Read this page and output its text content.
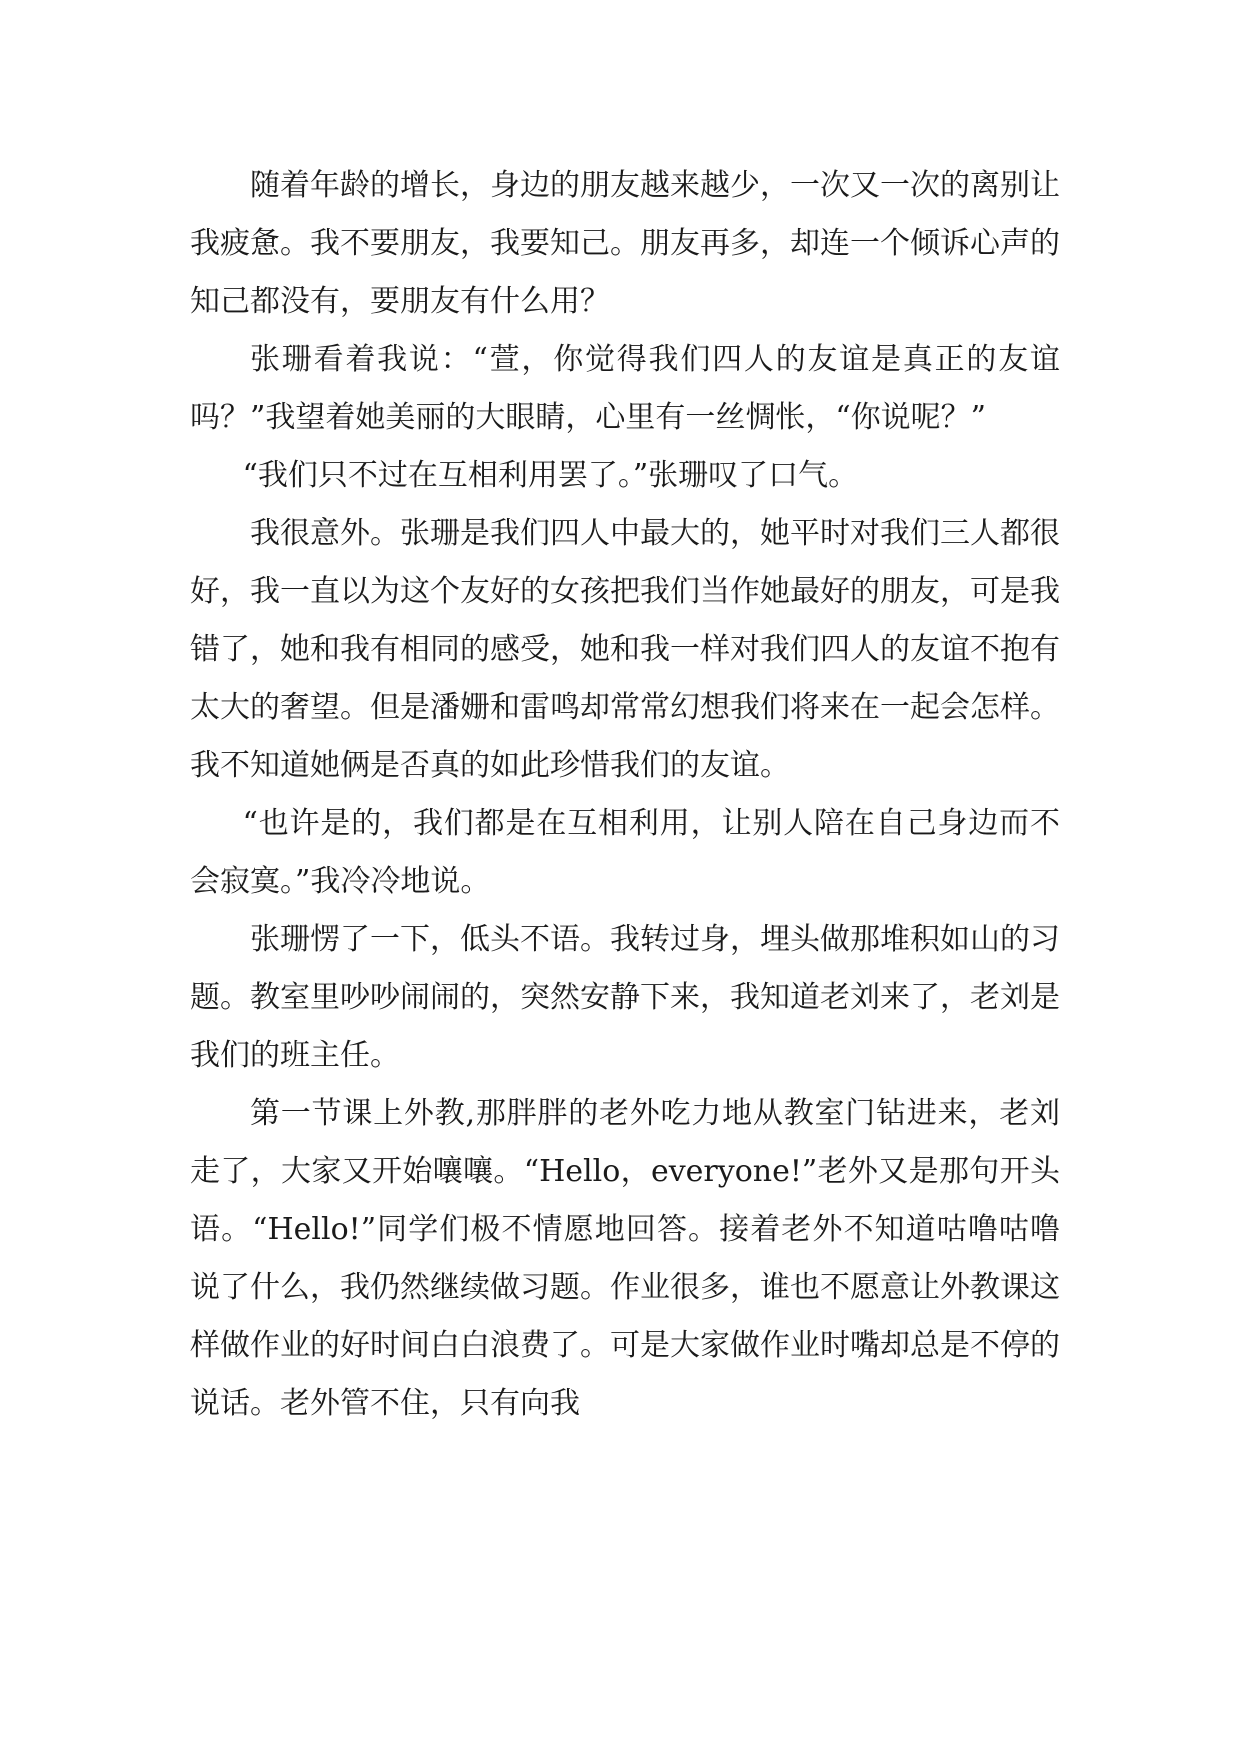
随着年龄的增长，身边的朋友越来越少，一次又一次的离别让我疲惫。我不要朋友，我要知己。朋友再多，却连一个倾诉心声的知己都没有，要朋友有什么用？

张珊看着我说：“萱，你觉得我们四人的友谊是真正的友谊吗？”我望着她美丽的大眼睛，心里有一丝惆怅，“你说呢？”

“我们只不过在互相利用罢了。”张珊叹了口气。

我很意外。张珊是我们四人中最大的，她平时对我们三人都很好，我一直以为这个友好的女孩把我们当作她最好的朋友，可是我错了，她和我有相同的感受，她和我一样对我们四人的友谊不抱有太大的奢望。但是潘姗和雷鸣却常常幻想我们将来在一起会怎样。我不知道她俩是否真的如此珍惜我们的友谊。

“也许是的，我们都是在互相利用，让别人陪在自己身边而不会寂寞。”我冷冷地说。

张珊愣了一下，低头不语。我转过身，埋头做那堆积如山的习题。教室里吵吵闹闹的，突然安静下来，我知道老刘来了，老刘是我们的班主任。

第一节课上外教,那胖胖的老外吃力地从教室门钻进来，老刘走了，大家又开始嚷嚷。“Hello，everyone!”老外又是那句开头语。“Hello!”同学们极不情愿地回答。接着老外不知道咕噜咕噜说了什么，我仍然继续做习题。作业很多，谁也不愿意让外教课这样做作业的好时间白白浪费了。可是大家做作业时嘴却总是不停的说话。老外管不住，只有向我
